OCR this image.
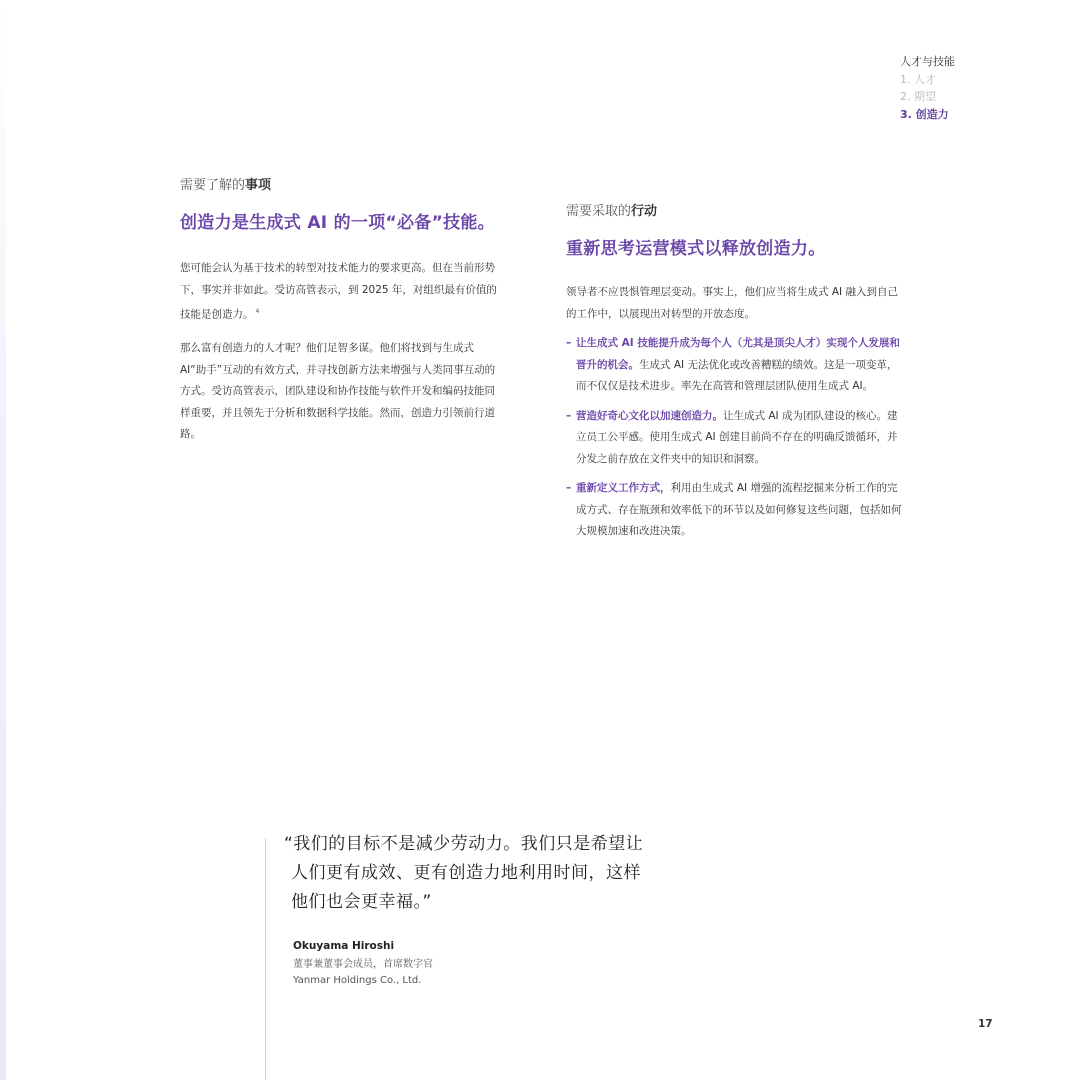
人才与技能
1. 人才
2. 期望
3. 创造力

需要了解的事项

创造力是生成式 AI 的一项“必备”技能。

您可能会认为基于技术的转型对技术能力的要求更高。但在当前形势下，事实并非如此。受访高管表示，到 2025 年，对组织最有价值的技能是创造力。 $^4$

那么富有创造力的人才呢？他们足智多谋。他们将找到与生成式 AI“助手”互动的有效方式，并寻找创新方法来增强与人类同事互动的方式。受访高管表示，团队建设和协作技能与软件开发和编码技能同样重要，并且领先于分析和数据科学技能。然而，创造力引领前行道路。

需要采取的行动

重新思考运营模式以释放创造力。

领导者不应畏惧管理层变动。事实上，他们应当将生成式 AI 融入到自己的工作中，以展现出对转型的开放态度。

– 让生成式 AI 技能提升成为每个人（尤其是顶尖人才）实现个人发展和晋升的机会。生成式 AI 无法优化或改善糟糕的绩效。这是一项变革，而不仅仅是技术进步。率先在高管和管理层团队使用生成式 AI。
– 营造好奇心文化以加速创造力。让生成式 AI 成为团队建设的核心。建立员工公平感。使用生成式 AI 创建目前尚不存在的明确反馈循环，并分发之前存放在文件夹中的知识和洞察。
– 重新定义工作方式，利用由生成式 AI 增强的流程挖掘来分析工作的完成方式、存在瓶颈和效率低下的环节以及如何修复这些问题，包括如何大规模加速和改进决策。

“我们的目标不是减少劳动力。我们只是希望让
人们更有成效、更有创造力地利用时间，这样
他们也会更幸福。”

Okuyama Hiroshi
董事兼董事会成员，首席数字官
Yanmar Holdings Co., Ltd.
17
